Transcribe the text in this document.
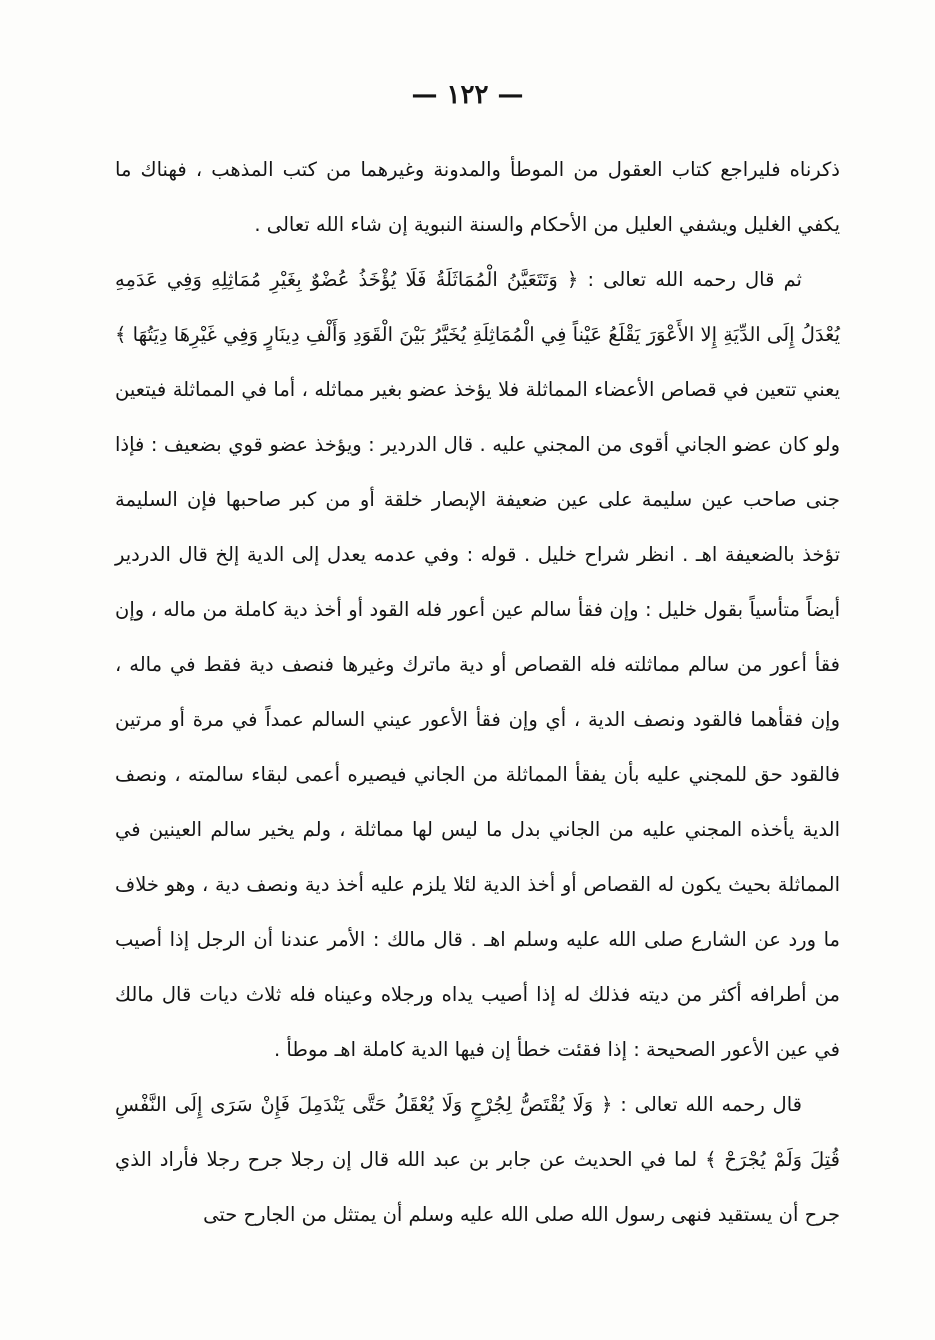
— ١٢٢ —

ذكرناه فليراجع كتاب العقول من الموطأ والمدونة وغيرهما من كتب المذهب ، فهناك ما يكفي الغليل ويشفي العليل من الأحكام والسنة النبوية إن شاء الله تعالى .

ثم قال رحمه الله تعالى : ﴿ وَتَتَعَيَّنُ الْمُمَاثَلَةُ فَلَا يُؤْخَذُ عُضْوٌ بِغَيْرِ مُمَاثِلِهِ وَفِي عَدَمِهِ يُعْدَلُ إِلَى الدِّيَةِ إِلا الأَعْوَرَ يَقْلَعُ عَيْناً فِي الْمُمَاثِلَةِ يُخَيَّرُ بَيْنَ الْقَوَدِ وَأَلْفِ دِينَارٍ وَفِي غَيْرِهَا دِيَتُهَا ﴾ يعني تتعين في قصاص الأعضاء المماثلة فلا يؤخذ عضو بغير مماثله ، أما في المماثلة فيتعين ولو كان عضو الجاني أقوى من المجني عليه . قال الدردير : ويؤخذ عضو قوي بضعيف : فإذا جنى صاحب عين سليمة على عين ضعيفة الإبصار خلقة أو من كبر صاحبها فإن السليمة تؤخذ بالضعيفة اهـ . انظر شراح خليل . قوله : وفي عدمه يعدل إلى الدية إلخ قال الدردير أيضاً متأسياً بقول خليل : وإن فقأ سالم عين أعور فله القود أو أخذ دية كاملة من ماله ، وإن فقأ أعور من سالم مماثلته فله القصاص أو دية ماترك وغيرها فنصف دية فقط في ماله ، وإن فقأهما فالقود ونصف الدية ، أي وإن فقأ الأعور عيني السالم عمداً في مرة أو مرتين فالقود حق للمجني عليه بأن يفقأ المماثلة من الجاني فيصيره أعمى لبقاء سالمته ، ونصف الدية يأخذه المجني عليه من الجاني بدل ما ليس لها مماثلة ، ولم يخير سالم العينين في المماثلة بحيث يكون له القصاص أو أخذ الدية لئلا يلزم عليه أخذ دية ونصف دية ، وهو خلاف ما ورد عن الشارع صلى الله عليه وسلم اهـ . قال مالك : الأمر عندنا أن الرجل إذا أصيب من أطرافه أكثر من ديته فذلك له إذا أصيب يداه ورجلاه وعيناه فله ثلاث ديات قال مالك في عين الأعور الصحيحة : إذا فقئت خطأ إن فيها الدية كاملة اهـ موطأ .

قال رحمه الله تعالى : ﴿ وَلَا يُقْتَصُّ لِجُرْحٍ وَلَا يُعْقَلُ حَتَّى يَنْدَمِلَ فَإِنْ سَرَى إِلَى النَّفْسِ قُتِلَ وَلَمْ يُجْرَحْ ﴾ لما في الحديث عن جابر بن عبد الله قال إن رجلا جرح رجلا فأراد الذي جرح أن يستقيد فنهى رسول الله صلى الله عليه وسلم أن يمتثل من الجارح حتى
